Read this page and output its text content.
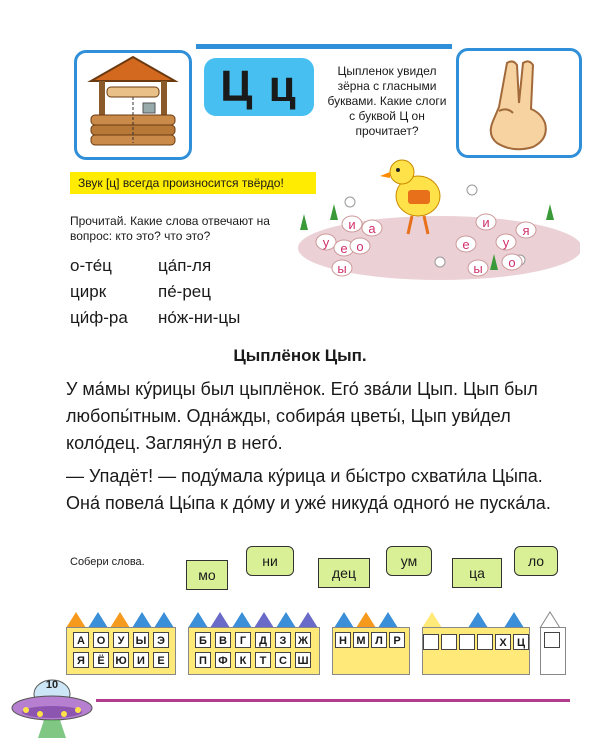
Ц ц	Цыпленок увидел зёрна с гласными буквами. Какие слоги с буквой Ц он прочитает?
Звук [ц] всегда произносится твёрдо!
и а
у е о
ы
е
и
у
я
о
ы
Прочитай. Какие слова отвечают на вопрос: кто это? что это?
о-те́ц	ца́п-ля
цирк	пе́-рец
ци́ф-ра но́ж-ни-цы
Цыплёнок Цып.

У ма́мы ку́рицы был цыплёнок. Его́ зва́ли Цып. Цып был любопы́тным. Одна́жды, собира́я цветы́, Цып уви́дел коло́дец. Загляну́л в него́.

— Упадёт! — поду́мала ку́рица и бы́стро схвати́ла Цы́па. Она́ повела́ Цы́па к до́му и уже́ никуда́ одного́ не пуска́ла.

Собери слова.
мо
ни
дец
ум
ца
ло
А	О	У	Ы Э
Я	Ё Ю И	Е
Б	В	Г	Д	З	Ж
П	Ф	К	Т	С Ш
Н М Л Р	Х Ц
10
